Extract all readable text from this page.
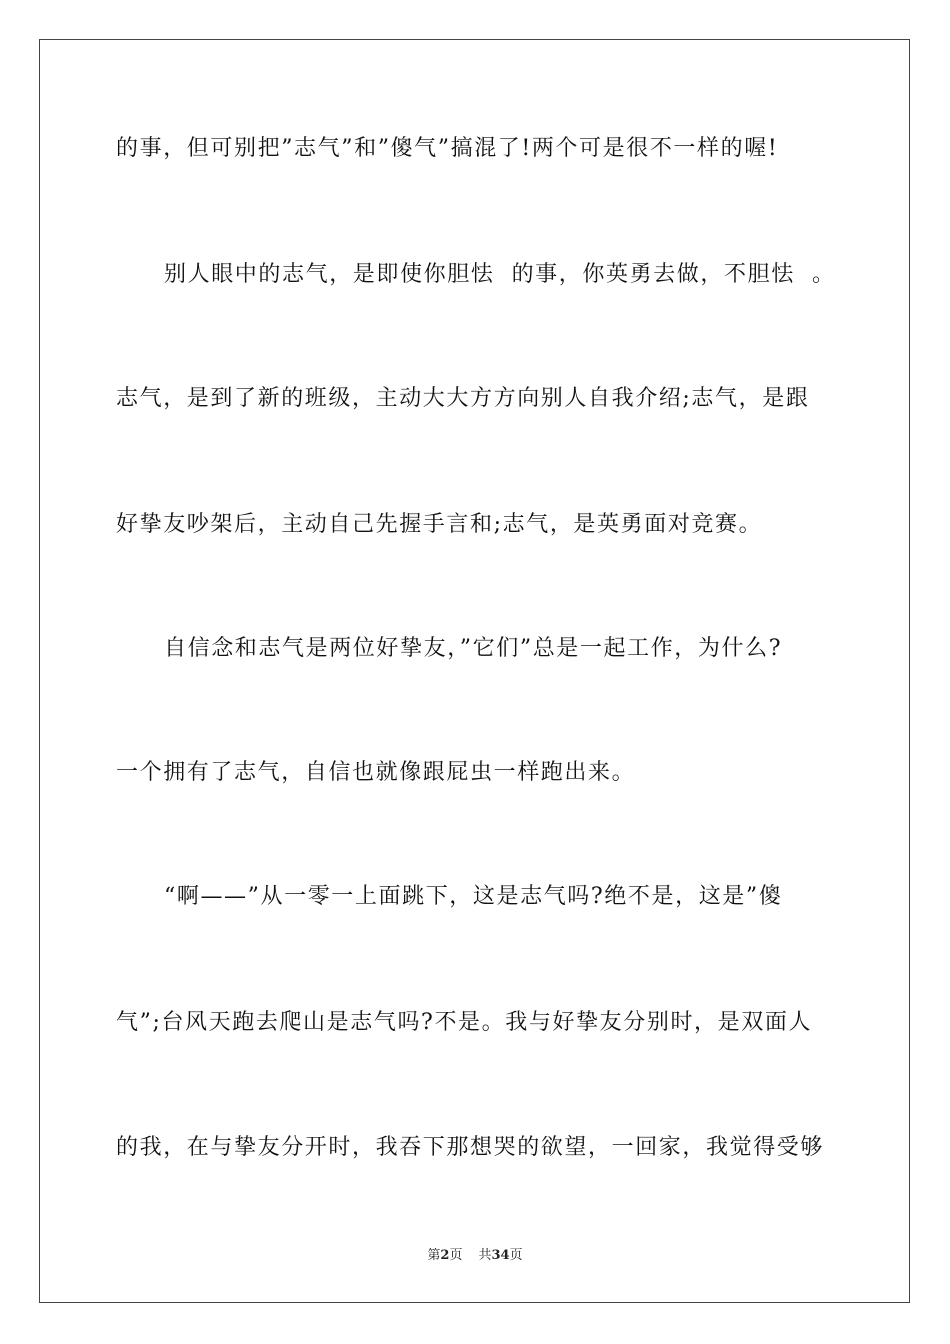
的事，但可别把”志气”和”傻气”搞混了!两个可是很不一样的喔!
别人眼中的志气，是即使你胆怯  的事，你英勇去做，不胆怯  。
志气，是到了新的班级，主动大大方方向别人自我介绍;志气，是跟
好挚友吵架后，主动自己先握手言和;志气，是英勇面对竞赛。
自信念和志气是两位好挚友，”它们”总是一起工作，为什么?
一个拥有了志气，自信也就像跟屁虫一样跑出来。
“啊——”从一零一上面跳下，这是志气吗?绝不是，这是”傻
气”;台风天跑去爬山是志气吗?不是。我与好挚友分别时，是双面人
的我，在与挚友分开时，我吞下那想哭的欲望，一回家，我觉得受够
第2页 共34页
